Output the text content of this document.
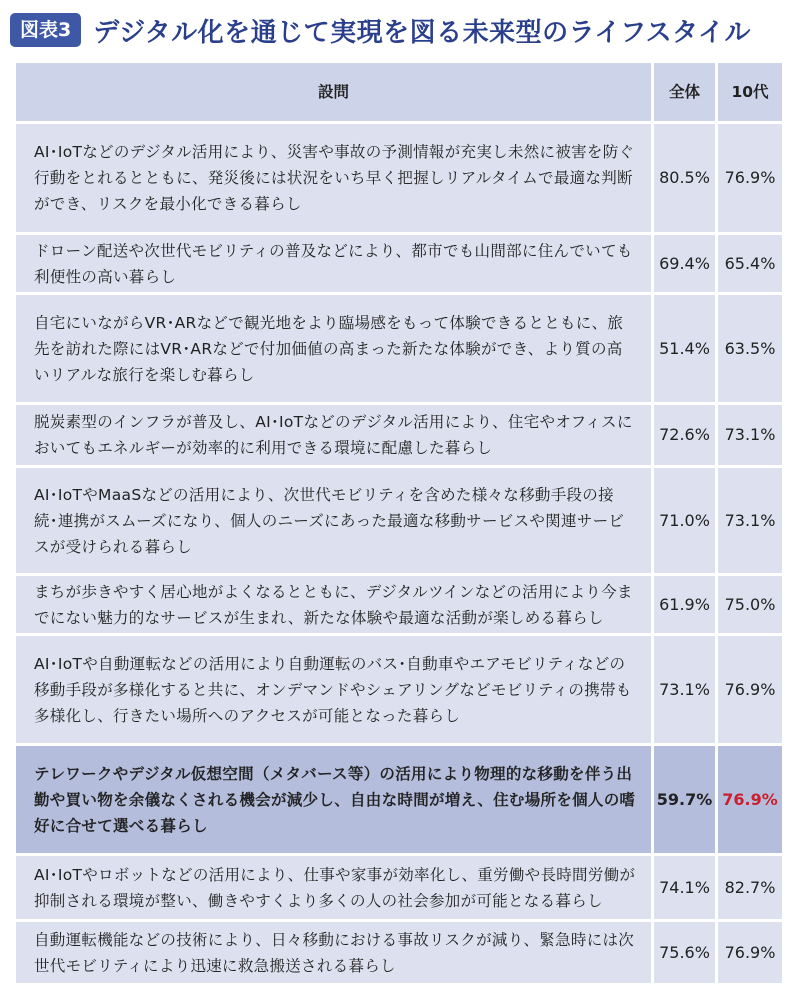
図表3 デジタル化を通じて実現を図る未来型のライフスタイル
設問	全体	10代
AI･IoTなどのデジタル活用により、災害や事故の予測情報が充実し未然に被害を防ぐ行動をとれるとともに、発災後には状況をいち早く把握しリアルタイムで最適な判断ができ、リスクを最小化できる暮らし	80.5%	76.9%
ドローン配送や次世代モビリティの普及などにより、都市でも山間部に住んでいても利便性の高い暮らし	69.4%	65.4%
自宅にいながらVR･ARなどで観光地をより臨場感をもって体験できるとともに、旅先を訪れた際にはVR･ARなどで付加価値の高まった新たな体験ができ、より質の高いリアルな旅行を楽しむ暮らし	51.4%	63.5%
脱炭素型のインフラが普及し、AI･IoTなどのデジタル活用により、住宅やオフィスにおいてもエネルギーが効率的に利用できる環境に配慮した暮らし	72.6%	73.1%
AI･IoTやMaaSなどの活用により、次世代モビリティを含めた様々な移動手段の接続･連携がスムーズになり、個人のニーズにあった最適な移動サービスや関連サービスが受けられる暮らし	71.0%	73.1%
まちが歩きやすく居心地がよくなるとともに、デジタルツインなどの活用により今までにない魅力的なサービスが生まれ、新たな体験や最適な活動が楽しめる暮らし	61.9%	75.0%
AI･IoTや自動運転などの活用により自動運転のバス･自動車やエアモビリティなどの移動手段が多様化すると共に、オンデマンドやシェアリングなどモビリティの携帯も多様化し、行きたい場所へのアクセスが可能となった暮らし	73.1%	76.9%
テレワークやデジタル仮想空間（メタバース等）の活用により物理的な移動を伴う出勤や買い物を余儀なくされる機会が減少し、自由な時間が増え、住む場所を個人の嗜好に合せて選べる暮らし	59.7%	76.9%
AI･IoTやロボットなどの活用により、仕事や家事が効率化し、重労働や長時間労働が抑制される環境が整い、働きやすくより多くの人の社会参加が可能となる暮らし	74.1%	82.7%
自動運転機能などの技術により、日々移動における事故リスクが減り、緊急時には次世代モビリティにより迅速に救急搬送される暮らし	75.6%	76.9%
